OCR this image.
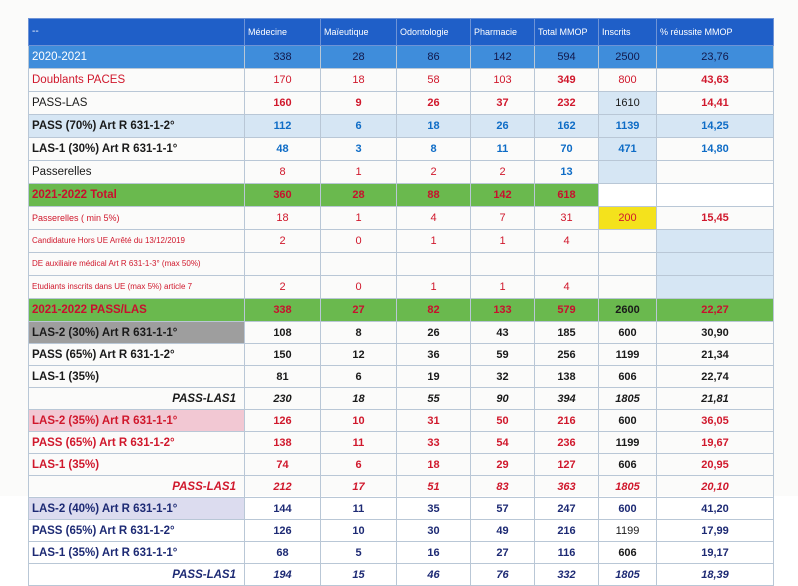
--	Médecine	Maïeutique	Odontologie	Pharmacie	Total MMOP	Inscrits	% réussite MMOP
2020-2021	338	28	86	142	594	2500	23,76
Doublants PACES	170	18	58	103	349	800	43,63
PASS-LAS	160	9	26	37	232	1610	14,41
PASS (70%) Art R 631-1-2°	112	6	18	26	162	1139	14,25
LAS-1 (30%) Art R 631-1-1°	48	3	8	11	70	471	14,80
Passerelles	8	1	2	2	13		
2021-2022 Total	360	28	88	142	618		
Passerelles ( min 5%)	18	1	4	7	31	200	15,45
Candidature Hors UE Arrêté du 13/12/2019	2	0	1	1	4		
DE auxiliaire médical Art R 631-1-3° (max 50%)							
Etudiants inscrits dans UE (max 5%) article 7	2	0	1	1	4		
2021-2022 PASS/LAS	338	27	82	133	579	2600	22,27
LAS-2 (30%) Art R 631-1-1°	108	8	26	43	185	600	30,90
PASS (65%) Art R 631-1-2°	150	12	36	59	256	1199	21,34
LAS-1 (35%)	81	6	19	32	138	606	22,74
PASS-LAS1	230	18	55	90	394	1805	21,81
LAS-2 (35%) Art R 631-1-1°	126	10	31	50	216	600	36,05
PASS (65%) Art R 631-1-2°	138	11	33	54	236	1199	19,67
LAS-1 (35%)	74	6	18	29	127	606	20,95
PASS-LAS1	212	17	51	83	363	1805	20,10
LAS-2 (40%) Art R 631-1-1°	144	11	35	57	247	600	41,20
PASS (65%) Art R 631-1-2°	126	10	30	49	216	1199	17,99
LAS-1 (35%) Art R 631-1-1°	68	5	16	27	116	606	19,17
PASS-LAS1	194	15	46	76	332	1805	18,39
